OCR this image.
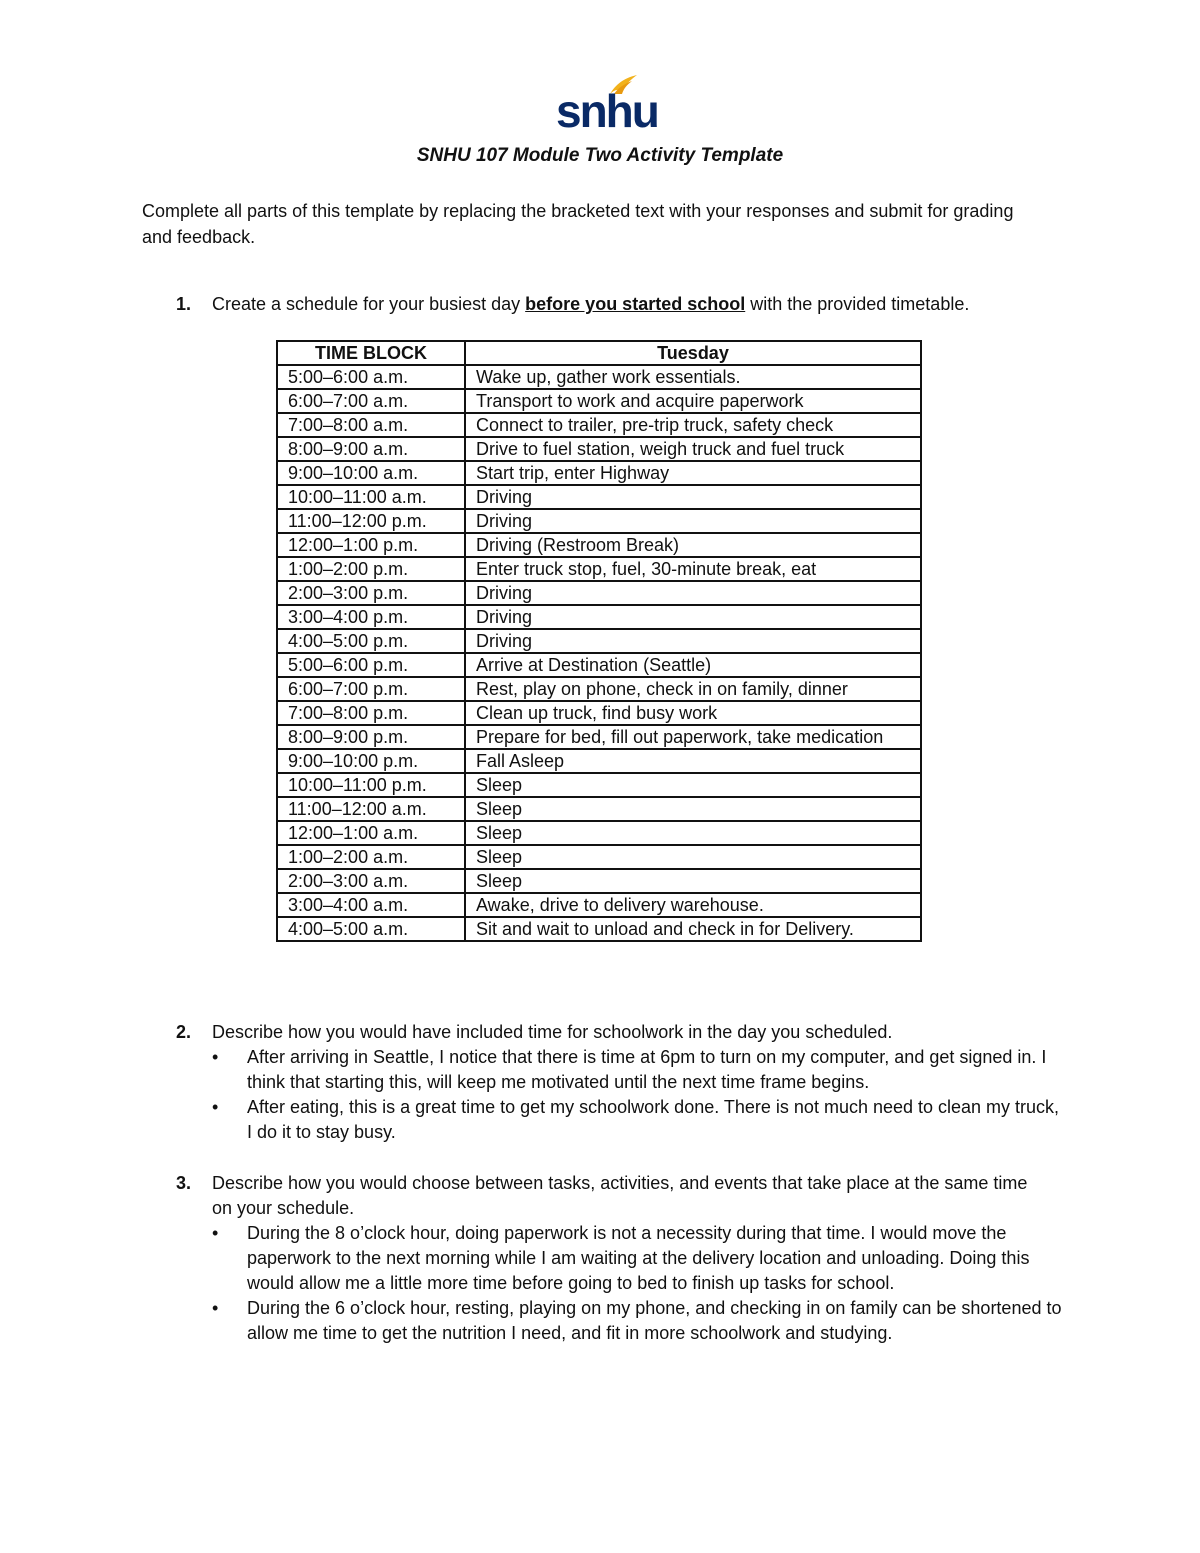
snhu
SNHU 107 Module Two Activity Template
Complete all parts of this template by replacing the bracketed text with your responses and submit for grading and feedback.
1. Create a schedule for your busiest day before you started school with the provided timetable.
TIME BLOCK	Tuesday
5:00–6:00 a.m.	Wake up, gather work essentials.
6:00–7:00 a.m.	Transport to work and acquire paperwork
7:00–8:00 a.m.	Connect to trailer, pre-trip truck, safety check
8:00–9:00 a.m.	Drive to fuel station, weigh truck and fuel truck
9:00–10:00 a.m.	Start trip, enter Highway
10:00–11:00 a.m.	Driving
11:00–12:00 p.m.	Driving
12:00–1:00 p.m.	Driving (Restroom Break)
1:00–2:00 p.m.	Enter truck stop, fuel, 30-minute break, eat
2:00–3:00 p.m.	Driving
3:00–4:00 p.m.	Driving
4:00–5:00 p.m.	Driving
5:00–6:00 p.m.	Arrive at Destination (Seattle)
6:00–7:00 p.m.	Rest, play on phone, check in on family, dinner
7:00–8:00 p.m.	Clean up truck, find busy work
8:00–9:00 p.m.	Prepare for bed, fill out paperwork, take medication
9:00–10:00 p.m.	Fall Asleep
10:00–11:00 p.m.	Sleep
11:00–12:00 a.m.	Sleep
12:00–1:00 a.m.	Sleep
1:00–2:00 a.m.	Sleep
2:00–3:00 a.m.	Sleep
3:00–4:00 a.m.	Awake, drive to delivery warehouse.
4:00–5:00 a.m.	Sit and wait to unload and check in for Delivery.
2. Describe how you would have included time for schoolwork in the day you scheduled.
•	After arriving in Seattle, I notice that there is time at 6pm to turn on my computer, and get signed in. I think that starting this, will keep me motivated until the next time frame begins.
•	After eating, this is a great time to get my schoolwork done. There is not much need to clean my truck, I do it to stay busy.
3. Describe how you would choose between tasks, activities, and events that take place at the same time on your schedule.
•	During the 8 o’clock hour, doing paperwork is not a necessity during that time. I would move the paperwork to the next morning while I am waiting at the delivery location and unloading. Doing this would allow me a little more time before going to bed to finish up tasks for school.
•	During the 6 o’clock hour, resting, playing on my phone, and checking in on family can be shortened to allow me time to get the nutrition I need, and fit in more schoolwork and studying.
